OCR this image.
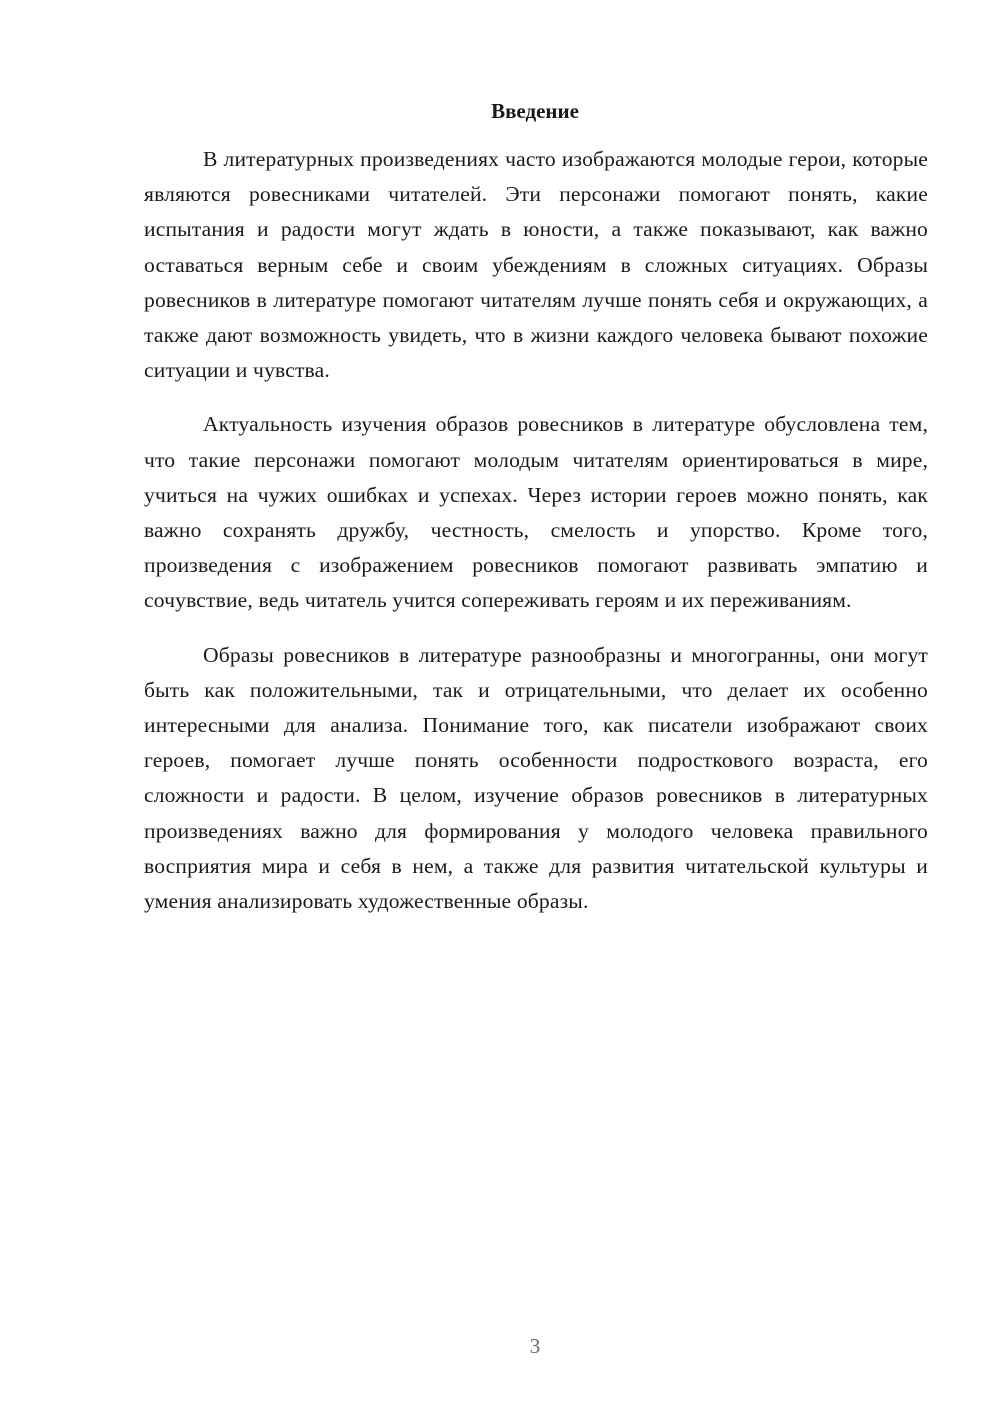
Введение

В литературных произведениях часто изображаются молодые герои, которые являются ровесниками читателей. Эти персонажи помогают понять, какие испытания и радости могут ждать в юности, а также показывают, как важно оставаться верным себе и своим убеждениям в сложных ситуациях. Образы ровесников в литературе помогают читателям лучше понять себя и окружающих, а также дают возможность увидеть, что в жизни каждого человека бывают похожие ситуации и чувства.

Актуальность изучения образов ровесников в литературе обусловлена тем, что такие персонажи помогают молодым читателям ориентироваться в мире, учиться на чужих ошибках и успехах. Через истории героев можно понять, как важно сохранять дружбу, честность, смелость и упорство. Кроме того, произведения с изображением ровесников помогают развивать эмпатию и сочувствие, ведь читатель учится сопереживать героям и их переживаниям.

Образы ровесников в литературе разнообразны и многогранны, они могут быть как положительными, так и отрицательными, что делает их особенно интересными для анализа. Понимание того, как писатели изображают своих героев, помогает лучше понять особенности подросткового возраста, его сложности и радости. В целом, изучение образов ровесников в литературных произведениях важно для формирования у молодого человека правильного восприятия мира и себя в нем, а также для развития читательской культуры и умения анализировать художественные образы.

3
